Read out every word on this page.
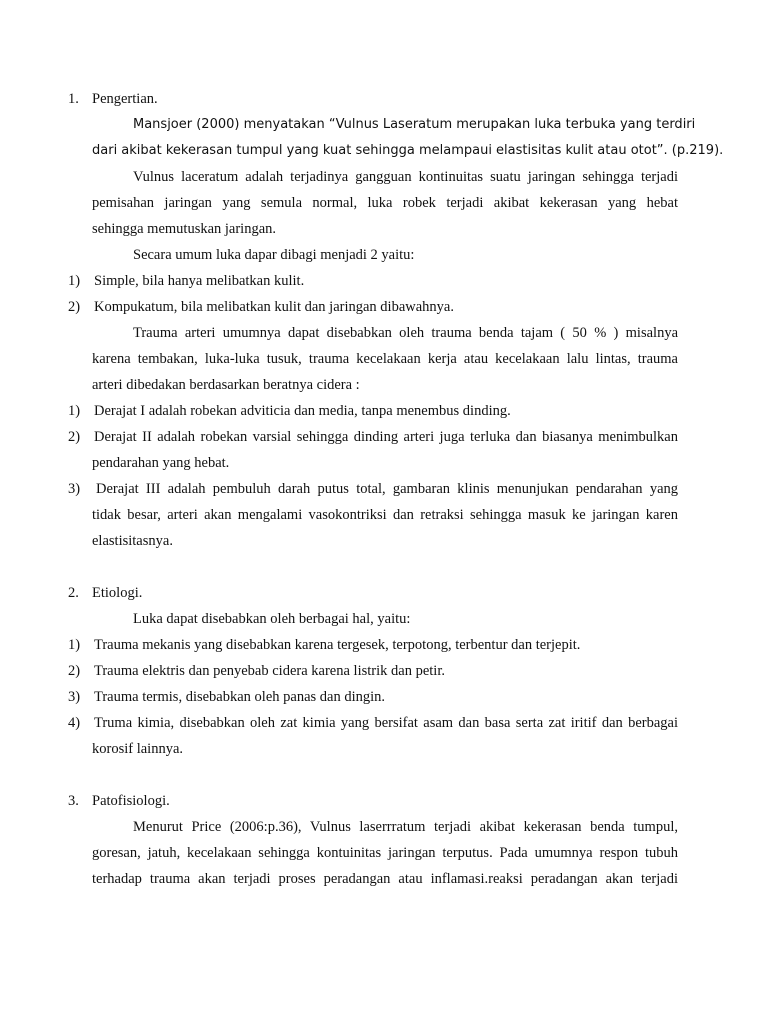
1. Pengertian.
Mansjoer (2000) menyatakan “Vulnus Laseratum merupakan luka terbuka yang terdiri
dari akibat kekerasan tumpul yang kuat sehingga melampaui elastisitas kulit atau otot”. (p.219).
Vulnus laceratum adalah terjadinya gangguan kontinuitas suatu jaringan sehingga terjadi
pemisahan jaringan yang semula normal, luka robek terjadi akibat kekerasan yang hebat
sehingga memutuskan jaringan.
Secara umum luka dapar dibagi menjadi 2 yaitu:
1) Simple, bila hanya melibatkan kulit.
2) Kompukatum, bila melibatkan kulit dan jaringan dibawahnya.
Trauma arteri umumnya dapat disebabkan oleh trauma benda tajam ( 50 % ) misalnya
karena tembakan, luka-luka tusuk, trauma kecelakaan kerja atau kecelakaan lalu lintas, trauma
arteri dibedakan berdasarkan beratnya cidera :
1) Derajat I adalah robekan adviticia dan media, tanpa menembus dinding.
2) Derajat II adalah robekan varsial sehingga dinding arteri juga terluka dan biasanya menimbulkan
pendarahan yang hebat.
3) Derajat III adalah pembuluh darah putus total, gambaran klinis menunjukan pendarahan yang
tidak besar, arteri akan mengalami vasokontriksi dan retraksi sehingga masuk ke jaringan karen
elastisitasnya.
2. Etiologi.
Luka dapat disebabkan oleh berbagai hal, yaitu:
1) Trauma mekanis yang disebabkan karena tergesek, terpotong, terbentur dan terjepit.
2) Trauma elektris dan penyebab cidera karena listrik dan petir.
3) Trauma termis, disebabkan oleh panas dan dingin.
4) Truma kimia, disebabkan oleh zat kimia yang bersifat asam dan basa serta zat iritif dan berbagai
korosif lainnya.
3. Patofisiologi.
Menurut Price (2006:p.36), Vulnus laserrratum terjadi akibat kekerasan benda tumpul,
goresan, jatuh, kecelakaan sehingga kontuinitas jaringan terputus. Pada umumnya respon tubuh
terhadap trauma akan terjadi proses peradangan atau inflamasi.reaksi peradangan akan terjadi
